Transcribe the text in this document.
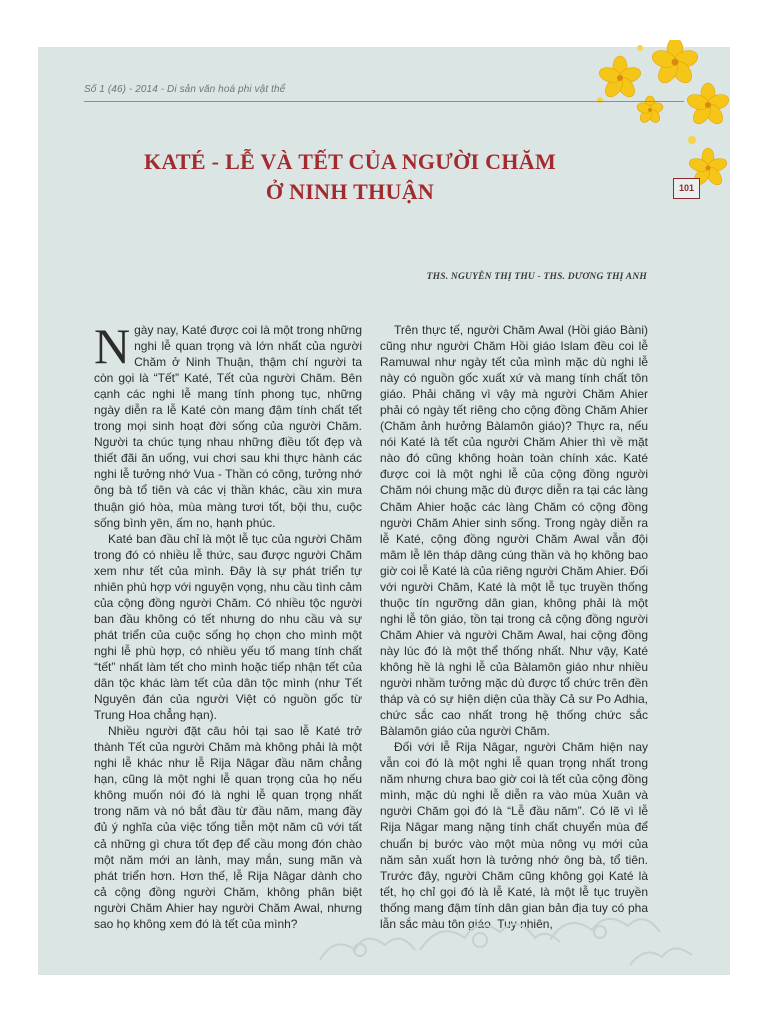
Số 1 (46) - 2014 - Di sản văn hoá phi vật thể
101
KATÉ - LỄ VÀ TẾT CỦA NGƯỜI CHĂM
Ở NINH THUẬN
THS. NGUYỄN THỊ THU - THS. DƯƠNG THỊ ANH

Ngày nay, Katé được coi là một trong những nghi lễ quan trọng và lớn nhất của người Chăm ở Ninh Thuận, thậm chí người ta còn gọi là “Tết” Katé, Tết của người Chăm. Bên cạnh các nghi lễ mang tính phong tục, những ngày diễn ra lễ Katé còn mang đậm tính chất tết trong mọi sinh hoạt đời sống của người Chăm. Người ta chúc tụng nhau những điều tốt đẹp và thiết đãi ăn uống, vui chơi sau khi thực hành các nghi lễ tưởng nhớ Vua - Thần có công, tưởng nhớ ông bà tổ tiên và các vị thần khác, cầu xin mưa thuận gió hòa, mùa màng tươi tốt, bội thu, cuộc sống bình yên, ấm no, hạnh phúc.

Katé ban đầu chỉ là một lễ tục của người Chăm trong đó có nhiều lễ thức, sau được người Chăm xem như tết của mình. Đây là sự phát triển tự nhiên phù hợp với nguyện vọng, nhu cầu tình cảm của cộng đồng người Chăm. Có nhiều tộc người ban đầu không có tết nhưng do nhu cầu và sự phát triển của cuộc sống họ chọn cho mình một nghi lễ phù hợp, có nhiều yếu tố mang tính chất “tết” nhất làm tết cho mình hoặc tiếp nhận tết của dân tộc khác làm tết của dân tộc mình (như Tết Nguyên đán của người Việt có nguồn gốc từ Trung Hoa chẳng hạn).

Nhiều người đặt câu hỏi tại sao lễ Katé trở thành Tết của người Chăm mà không phải là một nghi lễ khác như lễ Rija Nâgar đầu năm chẳng hạn, cũng là một nghi lễ quan trọng của họ nếu không muốn nói đó là nghi lễ quan trọng nhất trong năm và nó bắt đầu từ đầu năm, mang đầy đủ ý nghĩa của việc tống tiễn một năm cũ với tất cả những gì chưa tốt đẹp để cầu mong đón chào một năm mới an lành, may mắn, sung mãn và phát triển hơn. Hơn thế, lễ Rija Nâgar dành cho cả cộng đồng người Chăm, không phân biệt người Chăm Ahier hay người Chăm Awal, nhưng sao họ không xem đó là tết của mình?

Trên thực tế, người Chăm Awal (Hồi giáo Bàni) cũng như người Chăm Hồi giáo Islam đều coi lễ Ramuwal như ngày tết của mình mặc dù nghi lễ này có nguồn gốc xuất xứ và mang tính chất tôn giáo. Phải chăng vì vậy mà người Chăm Ahier phải có ngày tết riêng cho cộng đồng Chăm Ahier (Chăm ảnh hưởng Bàlamôn giáo)? Thực ra, nếu nói Katé là tết của người Chăm Ahier thì về mặt nào đó cũng không hoàn toàn chính xác. Katé được coi là một nghi lễ của cộng đồng người Chăm nói chung mặc dù được diễn ra tại các làng Chăm Ahier hoặc các làng Chăm có cộng đồng người Chăm Ahier sinh sống. Trong ngày diễn ra lễ Katé, cộng đồng người Chăm Awal vẫn đội mâm lễ lên tháp dâng cúng thần và họ không bao giờ coi lễ Katé là của riêng người Chăm Ahier. Đối với người Chăm, Katé là một lễ tục truyền thống thuộc tín ngưỡng dân gian, không phải là một nghi lễ tôn giáo, tồn tại trong cả cộng đồng người Chăm Ahier và người Chăm Awal, hai cộng đồng này lúc đó là một thể thống nhất. Như vậy, Katé không hề là nghi lễ của Bàlamôn giáo như nhiều người nhầm tưởng mặc dù được tổ chức trên đền tháp và có sự hiện diện của thầy Cả sư Po Adhia, chức sắc cao nhất trong hệ thống chức sắc Bàlamôn giáo của người Chăm.

Đối với lễ Rija Nâgar, người Chăm hiện nay vẫn coi đó là một nghi lễ quan trọng nhất trong năm nhưng chưa bao giờ coi là tết của cộng đồng mình, mặc dù nghi lễ diễn ra vào mùa Xuân và người Chăm gọi đó là “Lễ đầu năm”. Có lẽ vì lễ Rija Nâgar mang nặng tính chất chuyển mùa để chuẩn bị bước vào một mùa nông vụ mới của năm sản xuất hơn là tưởng nhớ ông bà, tổ tiên. Trước đây, người Chăm cũng không gọi Katé là tết, họ chỉ gọi đó là lễ Katé, là một lễ tục truyền thống mang đậm tính dân gian bản địa tuy có pha lẫn sắc màu tôn giáo. Tuy nhiên,
